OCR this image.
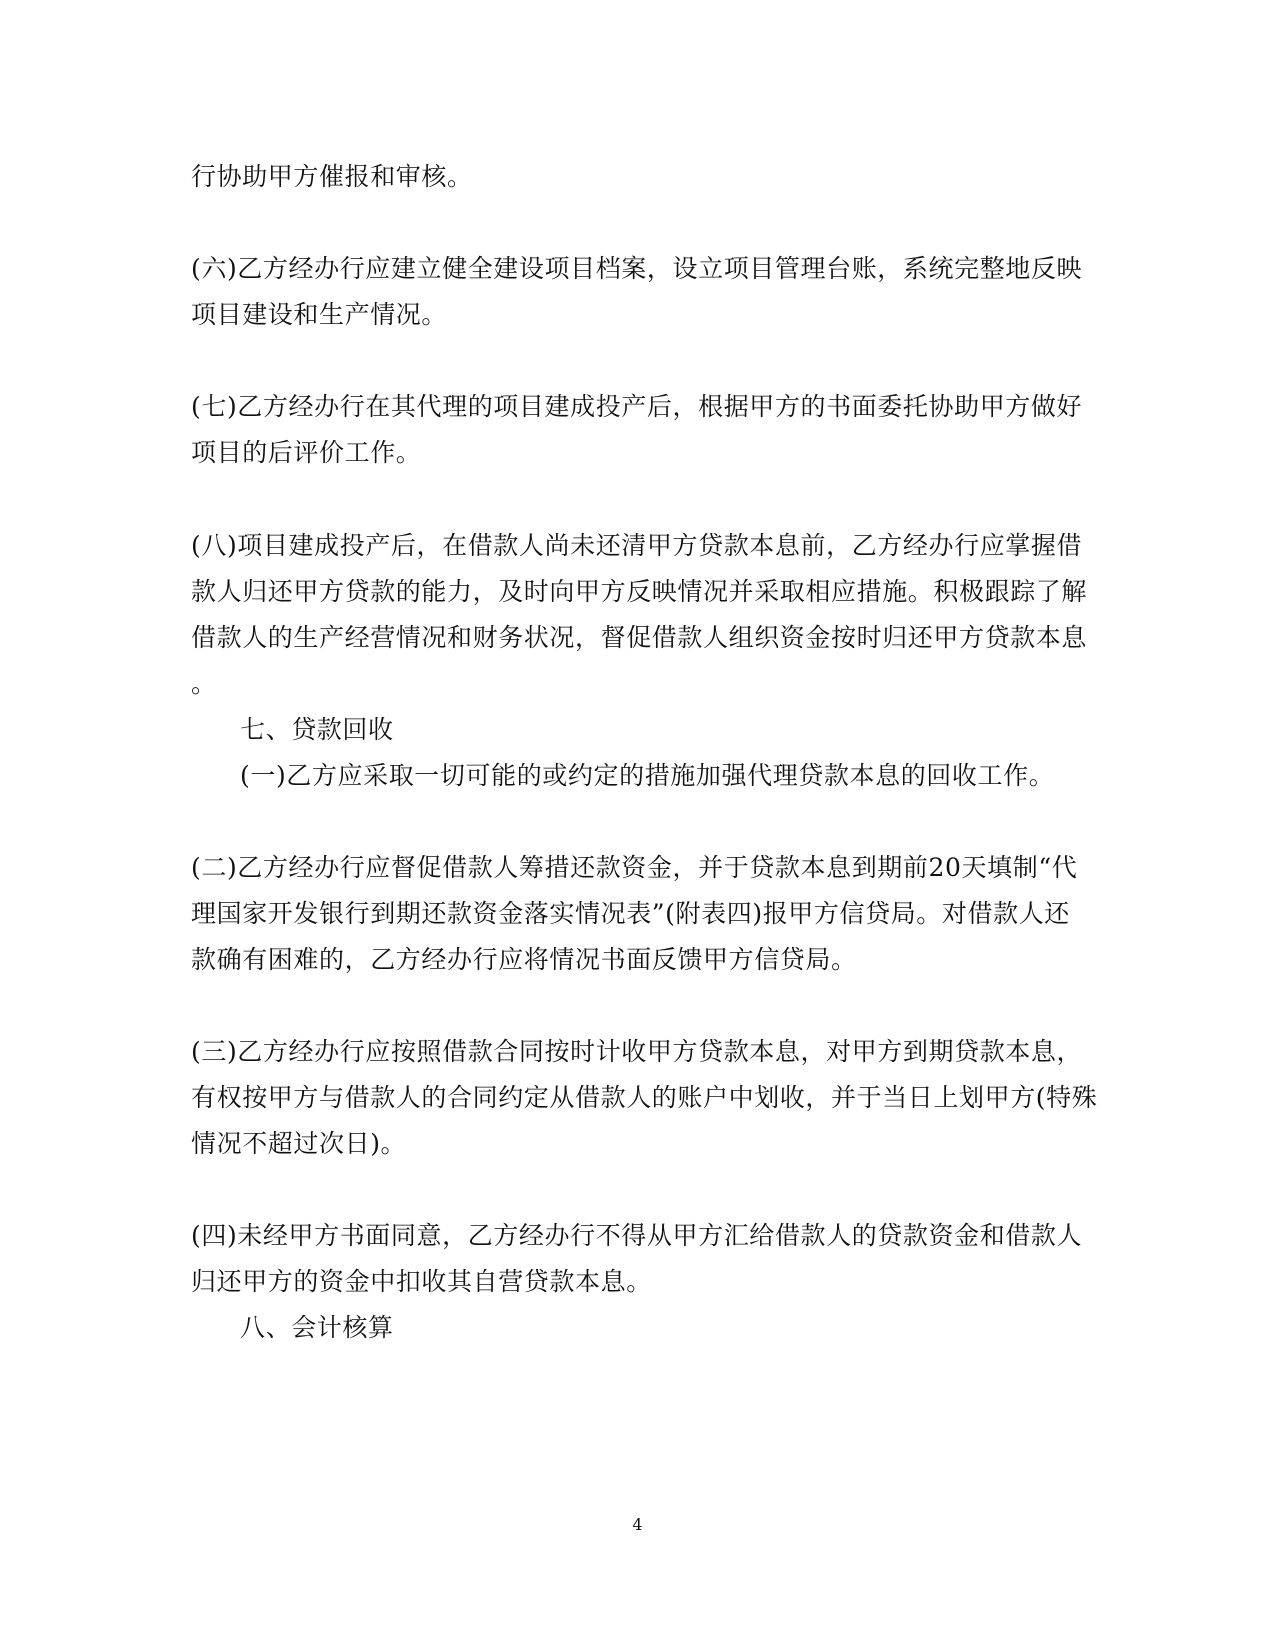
行协助甲方催报和审核。
(六)乙方经办行应建立健全建设项目档案，设立项目管理台账，系统完整地反映
项目建设和生产情况。
(七)乙方经办行在其代理的项目建成投产后，根据甲方的书面委托协助甲方做好
项目的后评价工作。
(八)项目建成投产后，在借款人尚未还清甲方贷款本息前，乙方经办行应掌握借
款人归还甲方贷款的能力，及时向甲方反映情况并采取相应措施。积极跟踪了解
借款人的生产经营情况和财务状况，督促借款人组织资金按时归还甲方贷款本息
。
七、贷款回收
(一)乙方应采取一切可能的或约定的措施加强代理贷款本息的回收工作。
(二)乙方经办行应督促借款人筹措还款资金，并于贷款本息到期前20天填制“代
理国家开发银行到期还款资金落实情况表”(附表四)报甲方信贷局。对借款人还
款确有困难的，乙方经办行应将情况书面反馈甲方信贷局。
(三)乙方经办行应按照借款合同按时计收甲方贷款本息，对甲方到期贷款本息，
有权按甲方与借款人的合同约定从借款人的账户中划收，并于当日上划甲方(特殊
情况不超过次日)。
(四)未经甲方书面同意，乙方经办行不得从甲方汇给借款人的贷款资金和借款人
归还甲方的资金中扣收其自营贷款本息。
八、会计核算
4
